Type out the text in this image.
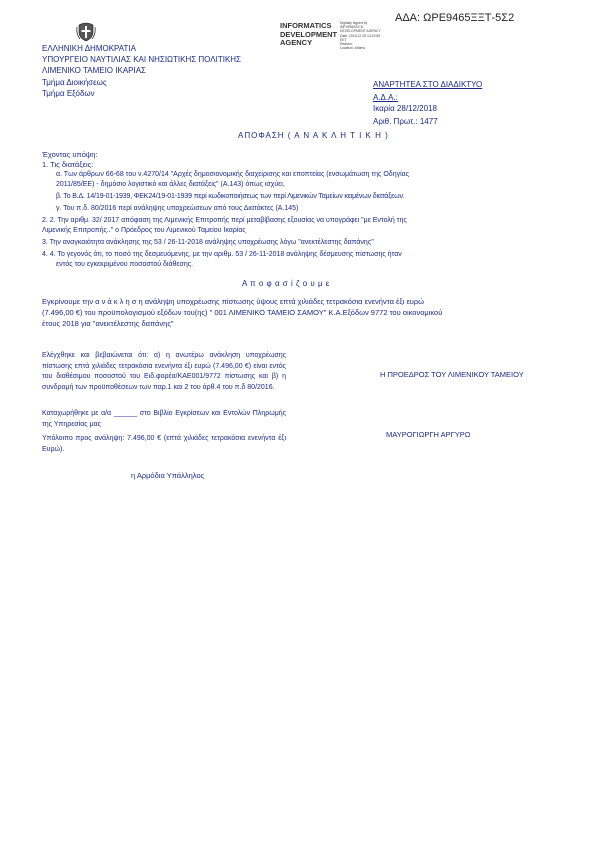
ΑΔΑ: ΩΡΕ9465ΞΞΤ-5Σ2
INFORMATICS
DEVELOPMENT
AGENCY
Digitally signed by
INFORMATICS
DEVELOPMENT AGENCY
Date: 2018.12.28 13:19:59
EET
Reason:
Location: Athens
ΕΛΛΗΝΙΚΗ ΔΗΜΟΚΡΑΤΙΑ
ΥΠΟΥΡΓΕΙΟ ΝΑΥΤΙΛΙΑΣ ΚΑΙ ΝΗΣΙΩΤΙΚΗΣ ΠΟΛΙΤΙΚΗΣ
ΛΙΜΕΝΙΚΟ ΤΑΜΕΙΟ ΙΚΑΡΙΑΣ
Τμήμα Διοικήσεως
Τμήμα Εξόδων
ΑΝΑΡΤΗΤΕΑ ΣΤΟ ΔΙΑΔΙΚΤΥΟ
Α.Δ.Α.:
Ικαρία 28/12/2018
Αριθ. Πρωτ.: 1477
ΑΠΟΦΑΣΗ ( Α Ν Α Κ Λ Η Τ Ι Κ Η )
Έχοντας υπόψη:
1. Τις διατάξεις:
α. Των άρθρων 66-68 του ν.4270/14 "Αρχές δημοσιονομικής διαχείρισης και εποπτείας (ενσωμάτωση της Οδηγίας
2011/85/ΕΕ) - δημόσιο λογιστικό και άλλες διατάξεις" (Α.143) όπως ισχύει,
β. Το Β.Δ. 14/19-01-1939, ΦΕΚ24/19-01-1939 περί κωδικοποιήσεως των περί Λιμενικών Ταμείων κειμένων διατάξεων.
γ. Του π.δ. 80/2016 περί ανάληψης υποχρεώσεων από τους Διατάκτες (Α.145)
2. 2. Την αριθμ. 32/ 2017 απόφαση της Λιμενικής Επιτροπής περί μεταβίβασης εξουσίας να υπογράφει "με Εντολή της
Λιμενικής Επιτροπής.." ο Πρόεδρος του Λιμενικού Ταμείου Ικαρίας
3. Την αναγκαιότητα ανάκλησης της 53 / 26-11-2018 ανάληψης υποχρέωσης λόγω "ανεκτέλεστης δαπάνης"
4. 4. Το γεγονός ότι, το ποσό της δεσμευόμενης, με την αριθμ. 53 / 26-11-2018 ανάληψης δέσμευσης πίστωσης ήταν
εντός του εγκεκριμένου ποσοστού διάθεσης.
Α π ο φ α σ ί ζ ο υ μ ε
Εγκρίνουμε την α ν ά κ λ η σ η ανάληψη υποχρέωσης πίστωσης ύψους επτά χιλιάδες τετρακόσια ενενήντα έξι ευρώ
(7.496,00 €) του προϋπολογισμού εξόδων του(ης) " 001 ΛΙΜΕΝΙΚΟ ΤΑΜΕΙΟ ΣΑΜΟΥ" Κ.Α.Εξόδων 9772 του οικονομικού
έτους 2018 για "ανεκτέλεστης δαπάνης"
Ελέγχθηκε και βεβαιώνεται ότι: α) η ανωτέρω ανάκληση υποχρέωσης πίστωσης επτά χιλιάδες τετρακόσια ενενήντα έξι ευρώ (7.496,00 €) είναι εντός του διαθέσιμου ποσοστού του Ειδ.φορέα/ΚΑΕ001/9772 πίστωσης και β) η συνδρομή των προϋποθέσεων των παρ.1 και 2 του άρθ.4 του π.δ 80/2016.
Καταχωρήθηκε με α/α ______ στο Βιβλίο Εγκρίσεων και Εντολών Πληρωμής της Υπηρεσίας μας
Υπόλοιπο προς ανάληψη: 7.496,00 € (επτά χιλιάδες τετρακόσια ενενήντα έξι Ευρώ).
η Αρμόδια Υπάλληλος
Η ΠΡΟΕΔΡΟΣ ΤΟΥ ΛΙΜΕΝΙΚΟΥ ΤΑΜΕΙΟΥ
ΜΑΥΡΟΓΙΩΡΓΗ ΑΡΓΥΡΩ
